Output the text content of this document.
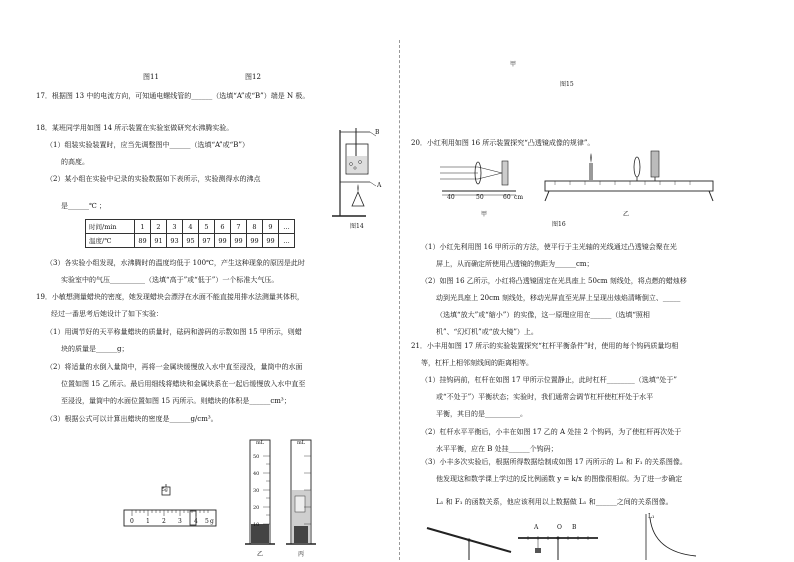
图11	图12
17．根据图 13 中的电流方向，可知通电螺线管的______（选填“A”或“B”）端是 N 极。
18．某班同学用如图 14 所示装置在实验室做研究水沸腾实验。
（1）组装实验装置时，应当先调整图中______（选填“A”或“B”）
的高度。
（2）某小组在实验中记录的实验数据如下表所示，实验测得水的沸点
是______℃ ；
B
A
图14
时间/min	1	2	3	4	5	6	7	8	9	…
温度/℃	89	91	93	95	97	99	99	99	99	…
（3）各实验小组发现，水沸腾时的温度均低于 100℃，产生这种现象的原因是此时
实验室中的气压__________（选填“高于”或“低于”）一个标准大气压。
19．小敏想测量蜡块的密度，她发现蜡块会漂浮在水面不能直接用排水法测量其体积，
经过一番思考后她设计了如下实验：
（1）用调节好的天平称量蜡块的质量时，砝码和游码的示数如图 15 甲所示，则蜡
块的质量是______g；
（2）将适量的水倒入量筒中，再将一金属块缓慢放入水中直至浸没，量筒中的水面
位置如图 15 乙所示。最后用细线将蜡块和金属块系在一起后缓慢放入水中直至
至浸没，量筒中的水面位置如图 15 丙所示。则蜡块的体积是______cm³；
（3）根据公式可以计算出蜡块的密度是______g/cm³。
5g
0 1 2 3 4 5 g
mL
50
40
30
20
10
乙
mL
丙
甲
图15
20．小红利用如图 16 所示装置探究“凸透镜成像的规律”。
40	50	60 cm
甲	乙
图16
（1）小红先利用图 16 甲所示的方法，使平行于主光轴的光线通过凸透镜会聚在光
屏上，从而确定所使用凸透镜的焦距为______cm；
（2）如图 16 乙所示，小红将凸透镜固定在光具座上 50cm 刻线处，将点燃的蜡烛移
动到光具座上 20cm 刻线处，移动光屏直至光屏上呈现出烛焰清晰倒立、_____
（选填“放大”或“缩小”）的实像，这一原理应用在______（选填“照相
机”、“幻灯机”或“放大镜”）上。
21．小丰用如图 17 所示的实验装置探究“杠杆平衡条件”时，使用的每个钩码质量均相
等，杠杆上相邻刻线间的距离相等。
（1）挂钩码前，杠杆在如图 17 甲所示位置静止，此时杠杆________（选填“处于”
或“不处于”）平衡状态；实验时，我们通常会调节杠杆使杠杆处于水平
平衡，其目的是__________。
（2）杠杆水平平衡后，小丰在如图 17 乙的 A 处挂 2 个钩码，为了使杠杆再次处于
水平平衡，应在 B 处挂______个钩码；
（3）小丰多次实验后，根据所得数据绘制成如图 17 丙所示的 L₁ 和 F₁ 的关系图像。
他发现这和数学课上学过的反比例函数 y = k/x 的图像很相似。为了进一步确定
L₁ 和 F₁ 的函数关系，他应该利用以上数据做 L₁ 和______之间的关系图像。
A	O B
L₁
